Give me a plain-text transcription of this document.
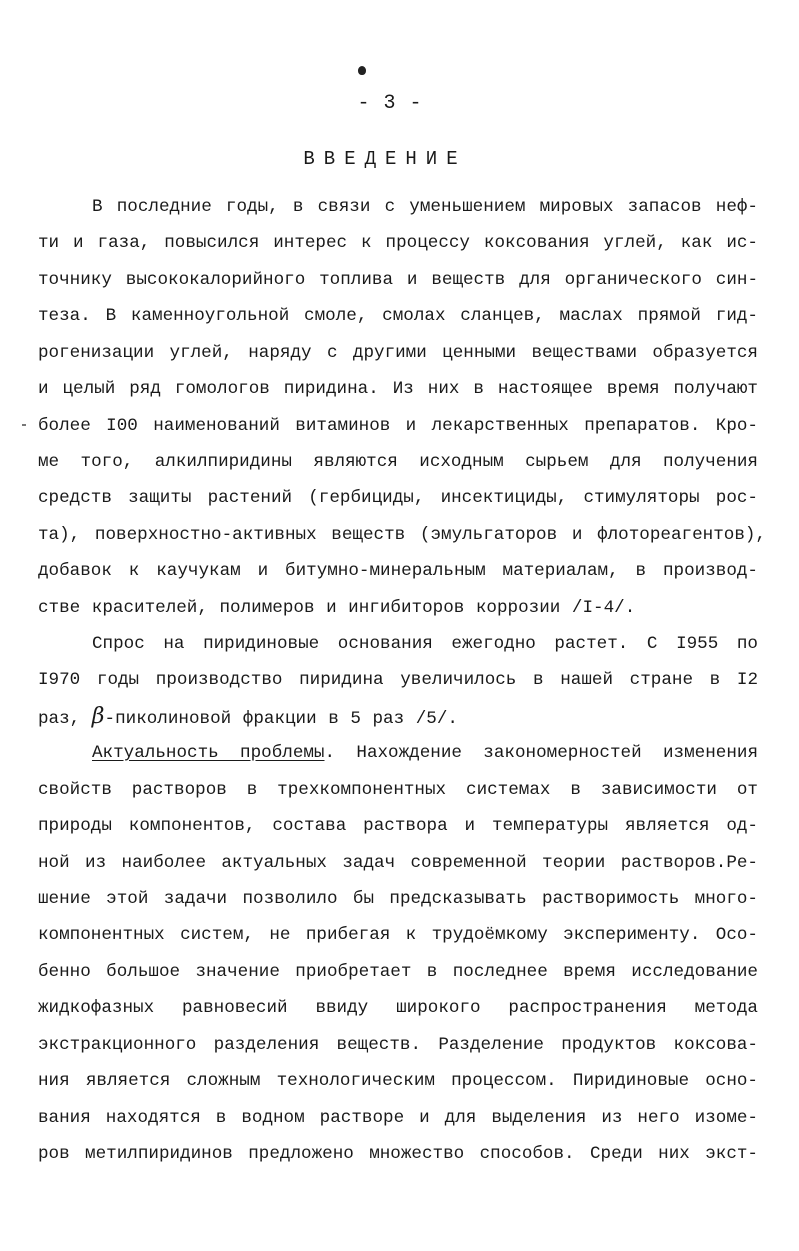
- 3 -
ВВЕДЕНИЕ
В последние годы, в связи с уменьшением мировых запасов неф-
ти и газа, повысился интерес к процессу коксования углей, как ис-
точнику высококалорийного топлива и веществ для органического син-
теза. В каменноугольной смоле, смолах сланцев, маслах прямой гид-
рогенизации углей, наряду с другими ценными веществами образуется
и целый ряд гомологов пиридина. Из них в настоящее время получают
более I00 наименований витаминов и лекарственных препаратов. Кро-
ме того, алкилпиридины являются исходным сырьем для получения
средств защиты растений (гербициды, инсектициды, стимуляторы рос-
та), поверхностно-активных веществ (эмульгаторов и флотореагентов),
добавок к каучукам и битумно-минеральным материалам, в производ-
стве красителей, полимеров и ингибиторов коррозии /I-4/.
Спрос на пиридиновые основания ежегодно растет. С I955 по
I970 годы производство пиридина увеличилось в нашей стране в I2
раз, β-пиколиновой фракции в 5 раз /5/.
Актуальность проблемы. Нахождение закономерностей изменения
свойств растворов в трехкомпонентных системах в зависимости от
природы компонентов, состава раствора и температуры является од-
ной из наиболее актуальных задач современной теории растворов.Ре-
шение этой задачи позволило бы предсказывать растворимость много-
компонентных систем, не прибегая к трудоёмкому эксперименту. Осо-
бенно большое значение приобретает в последнее время исследование
жидкофазных равновесий ввиду широкого распространения метода
экстракционного разделения веществ. Разделение продуктов коксова-
ния является сложным технологическим процессом. Пиридиновые осно-
вания находятся в водном растворе и для выделения из него изоме-
ров метилпиридинов предложено множество способов. Среди них экст-
